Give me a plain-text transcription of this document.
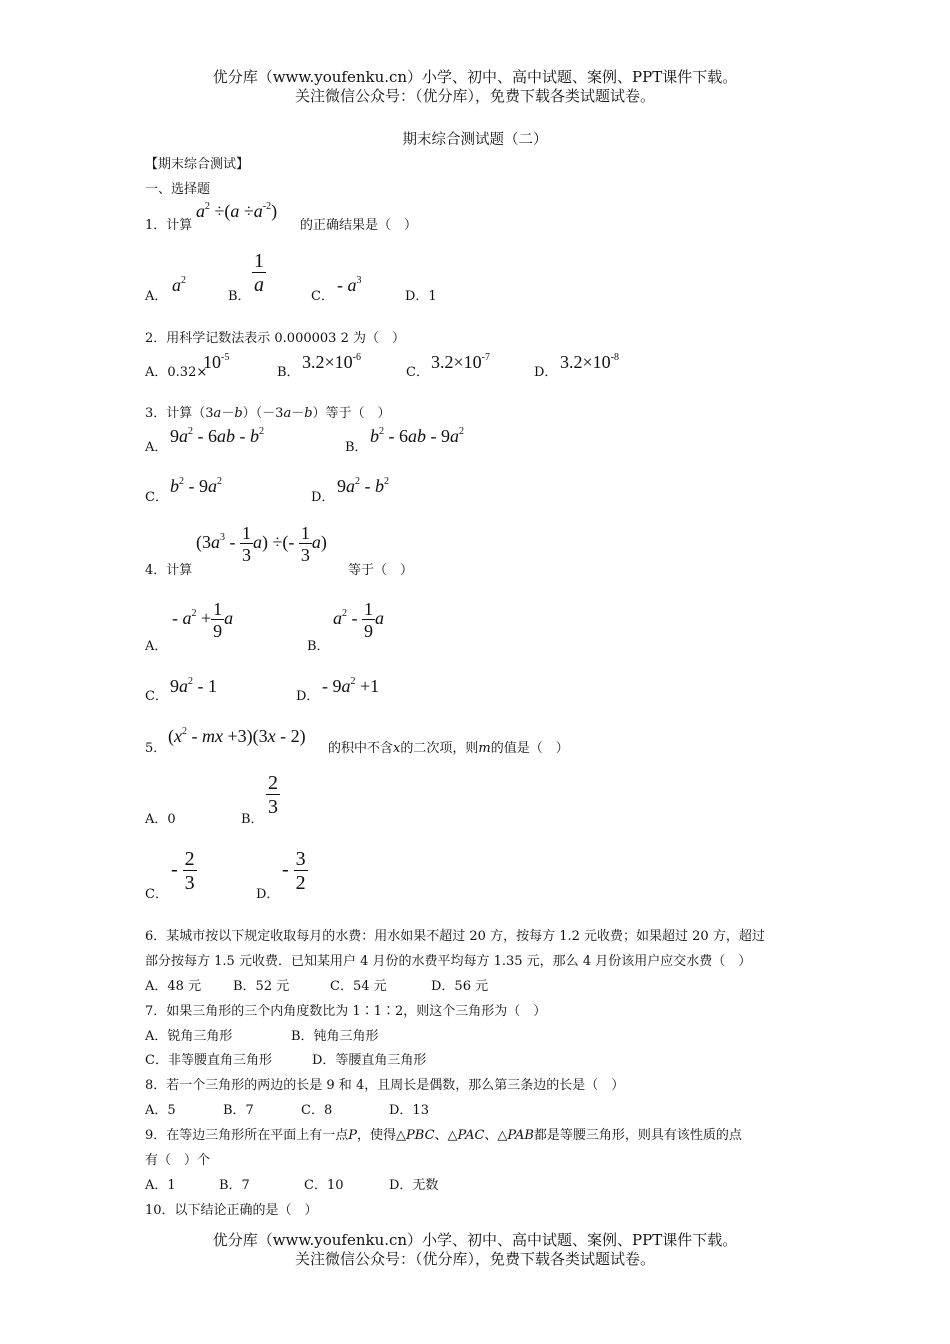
优分库（www.youfenku.cn）小学、初中、高中试题、案例、PPT课件下载。
关注微信公众号：（优分库），免费下载各类试题试卷。
期末综合测试题（二）
【期末综合测试】
一、选择题
1．计算
$a^2 \div(a \div a^{-2})$
的正确结果是（　）
A．
$a^2$
B．
$\frac{1}{a}$
C．
- $a^3$
D．1
2．用科学记数法表示 0.000003 2 为（　）
A．0.32×
$10^{-5}$
B．
$3.2\times 10^{-6}$
C．
$3.2\times 10^{-7}$
D．
$3.2\times 10^{-8}$
3．计算（3a－b）（－3a－b）等于（　）
A．
$9a^2 - 6ab - b^2$
B．
$b^2 - 6ab - 9a^2$
C．
$b^2 - 9a^2$
D．
$9a^2 - b^2$
4．计算
$(3a^3 - \frac{1}{3} a)$ ÷(- $\frac{1}{3} a$)
等于（　）
A．
- $a^2 + \frac{1}{9}$ a
B．
$a^2 - \frac{1}{9}$ a
C．
$9a^2 - 1$
D．
- $9a^2 +1$
5．
($x^2$ - mx +3)(3x - 2)
的积中不含x的二次项，则m的值是（　）
A．0	B．
$\frac{2}{3}$
C．
- $\frac{2}{3}$
D．
- $\frac{3}{2}$
6．某城市按以下规定收取每月的水费：用水如果不超过 20 方，按每方 1.2 元收费；如果超过 20 方，超过
部分按每方 1.5 元收费．已知某用户 4 月份的水费平均每方 1.35 元，那么 4 月份该用户应交水费（　）
A．48 元 B．52 元	C．54 元	D．56 元
7．如果三角形的三个内角度数比为 1∶1∶2，则这个三角形为（　）
A．锐角三角形	B．钝角三角形
C．非等腰直角三角形	D．等腰直角三角形
8．若一个三角形的两边的长是 9 和 4，且周长是偶数，那么第三条边的长是（　）
A．5	B．7	C．8	D．13
9．在等边三角形所在平面上有一点P，使得△PBC、△PAC、△PAB都是等腰三角形，则具有该性质的点
有（　）个
A．1	B．7	C．10	D．无数
10．以下结论正确的是（　）
优分库（www.youfenku.cn）小学、初中、高中试题、案例、PPT课件下载。
关注微信公众号：（优分库），免费下载各类试题试卷。
